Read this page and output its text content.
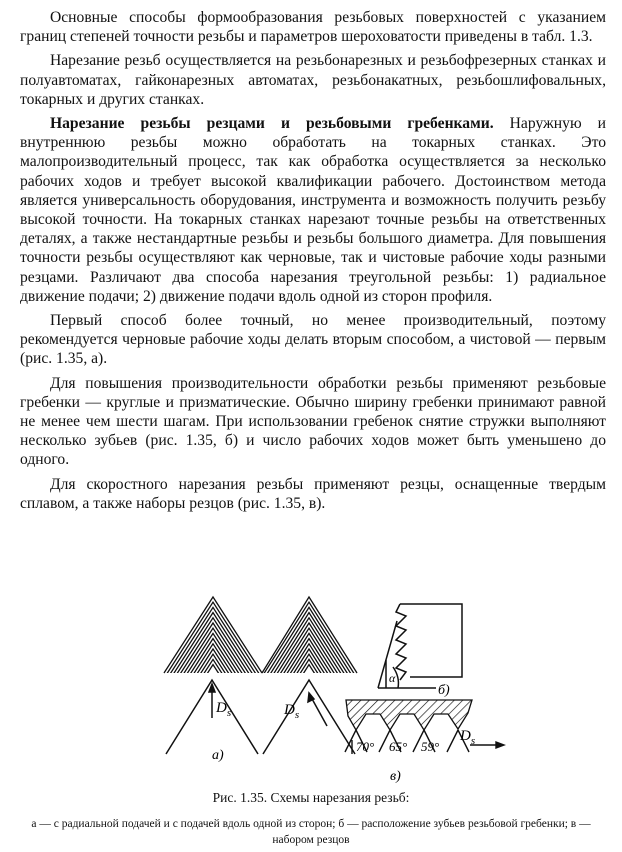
Основные способы формообразования резьбовых поверхностей с указанием границ степеней точности резьбы и параметров шероховатости приведены в табл. 1.3.

Нарезание резьб осуществляется на резьбонарезных и резьбофрезерных станках и полуавтоматах, гайконарезных автоматах, резьбонакатных, резьбошлифовальных, токарных и других станках.

Нарезание резьбы резцами и резьбовыми гребенками. Наружную и внутреннюю резьбы можно обработать на токарных станках. Это малопроизводительный процесс, так как обработка осуществляется за несколько рабочих ходов и требует высокой квалификации рабочего. Достоинством метода является универсальность оборудования, инструмента и возможность получить резьбу высокой точности. На токарных станках нарезают точные резьбы на ответственных деталях, а также нестандартные резьбы и резьбы большого диаметра. Для повышения точности резьбы осуществляют как черновые, так и чистовые рабочие ходы разными резцами. Различают два способа нарезания треугольной резьбы: 1) радиальное движение подачи; 2) движение подачи вдоль одной из сторон профиля.

Первый способ более точный, но менее производительный, поэтому рекомендуется черновые рабочие ходы делать вторым способом, а чистовой — первым (рис. 1.35, а).

Для повышения производительности обработки резьбы применяют резьбовые гребенки — круглые и призматические. Обычно ширину гребенки принимают равной не менее чем шести шагам. При использовании гребенок снятие стружки выполняют несколько зубьев (рис. 1.35, б) и число рабочих ходов может быть уменьшено до одного.

Для скоростного нарезания резьбы применяют резцы, оснащенные твердым сплавом, а также наборы резцов (рис. 1.35, в).

$D_s$	$D_s$
а)
α
б)
70° 65° 59°
$D_s$
в)
Рис. 1.35. Схемы нарезания резьб:
а — с радиальной подачей и с подачей вдоль одной из сторон; б — расположение зубьев резьбовой гребенки; в — набором резцов
